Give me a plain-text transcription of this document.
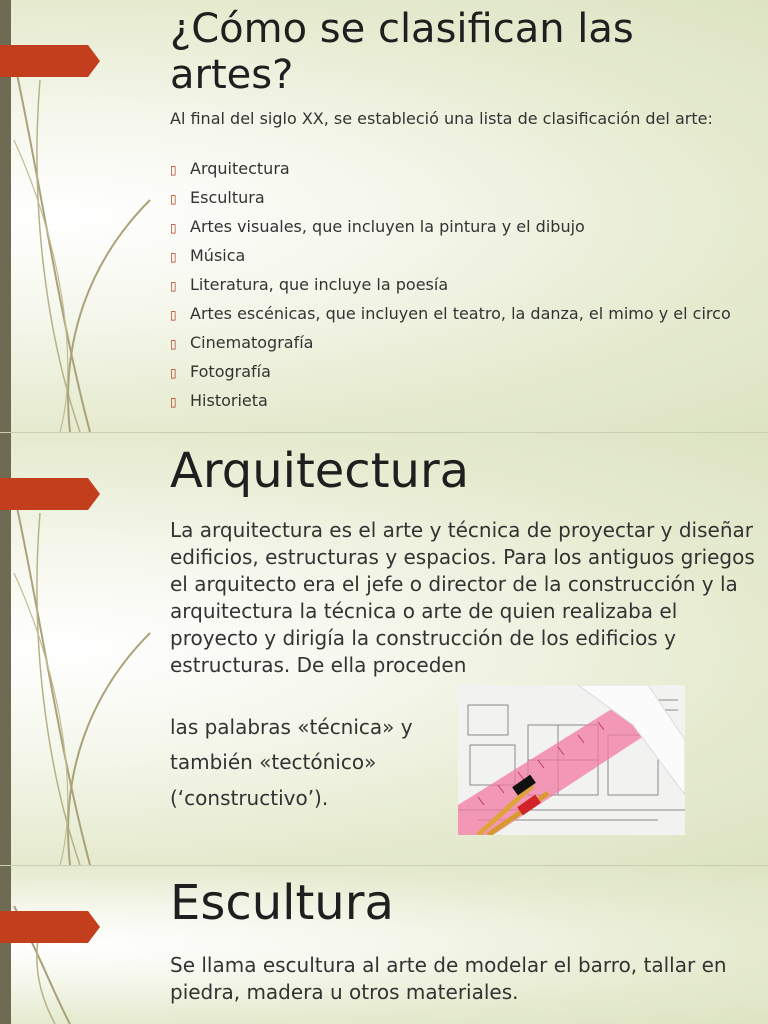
¿Cómo se clasifican las artes?

Al final del siglo XX, se estableció una lista de clasificación del arte:

▯ Arquitectura
▯ Escultura
▯ Artes visuales, que incluyen la pintura y el dibujo
▯ Música
▯ Literatura, que incluye la poesía
▯ Artes escénicas, que incluyen el teatro, la danza, el mimo y el circo
▯ Cinematografía
▯ Fotografía
▯ Historieta
Arquitectura

La arquitectura es el arte y técnica de proyectar y diseñar edificios, estructuras y espacios. Para los antiguos griegos el arquitecto era el jefe o director de la construcción y la arquitectura la técnica o arte de quien realizaba el proyecto y dirigía la construcción de los edificios y estructuras. De ella proceden

las palabras «técnica» y

también «tectónico»

(‘constructivo’).

Escultura

Se llama escultura al arte de modelar el barro, tallar en piedra, madera u otros materiales.
